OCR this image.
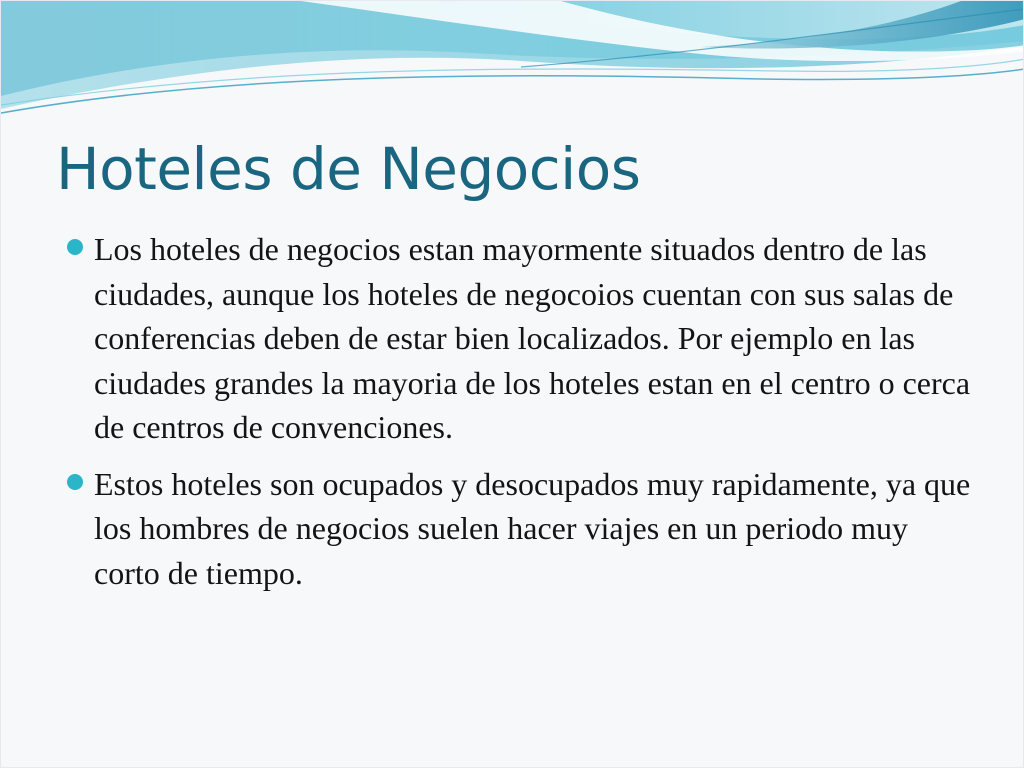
Hoteles de Negocios
Los hoteles de negocios estan mayormente situados dentro de las ciudades, aunque los hoteles de negocoios cuentan con sus salas de conferencias deben de estar bien localizados. Por ejemplo en las ciudades grandes la mayoria de los hoteles estan en el centro o cerca de centros de convenciones.
Estos hoteles son ocupados y desocupados muy rapidamente, ya que los hombres de negocios suelen hacer viajes en un periodo muy corto de tiempo.
